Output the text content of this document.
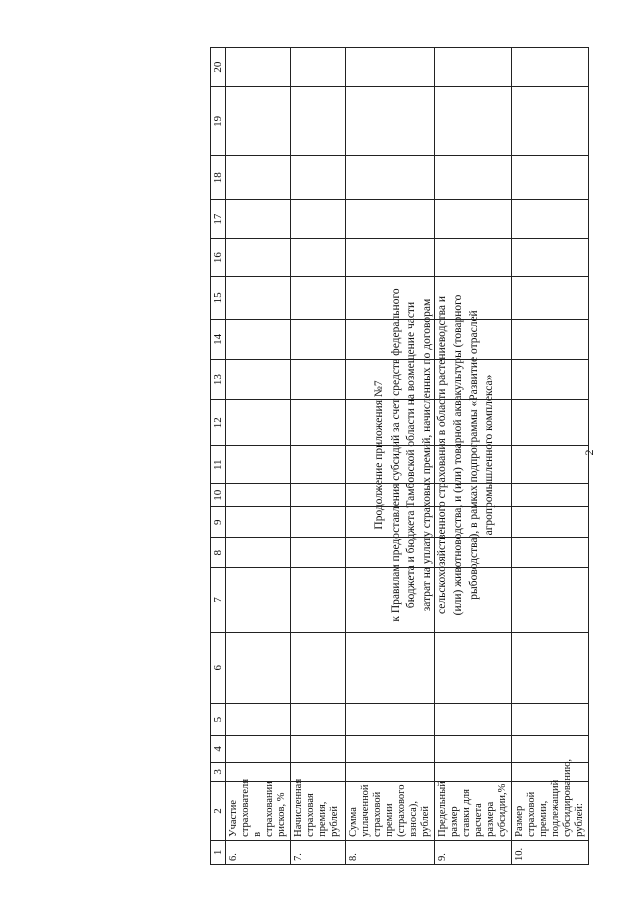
2
Продолжение приложения №7 к Правилам предоставления субсидий за счет средств федерального бюджета и бюджета Тамбовской области на возмещение части затрат на уплату страховых премий, начисленных по договорам сельскохозяйственного страхования в области растениеводства и (или) животноводства, и (или) товарной аквакультуры (товарного рыбоводства), в рамках подпрограммы «Развитие отраслей агропромышленного комплекса»
1	2	3	4	5	6	7	8	9	10	11	12	13	14	15	16	17	18	19	20
6.	Участие страхователя в страховании рисков, %																		
7.	Начисленная страховая премия, рублей																		
8.	Сумма уплаченной страховой премии (страхового взноса), рублей																		
9.	Предельный размер ставки для расчета размера субсидии,%																		
10.	Размер страховой премии, подлежащий субсидированию, рублей:																		
